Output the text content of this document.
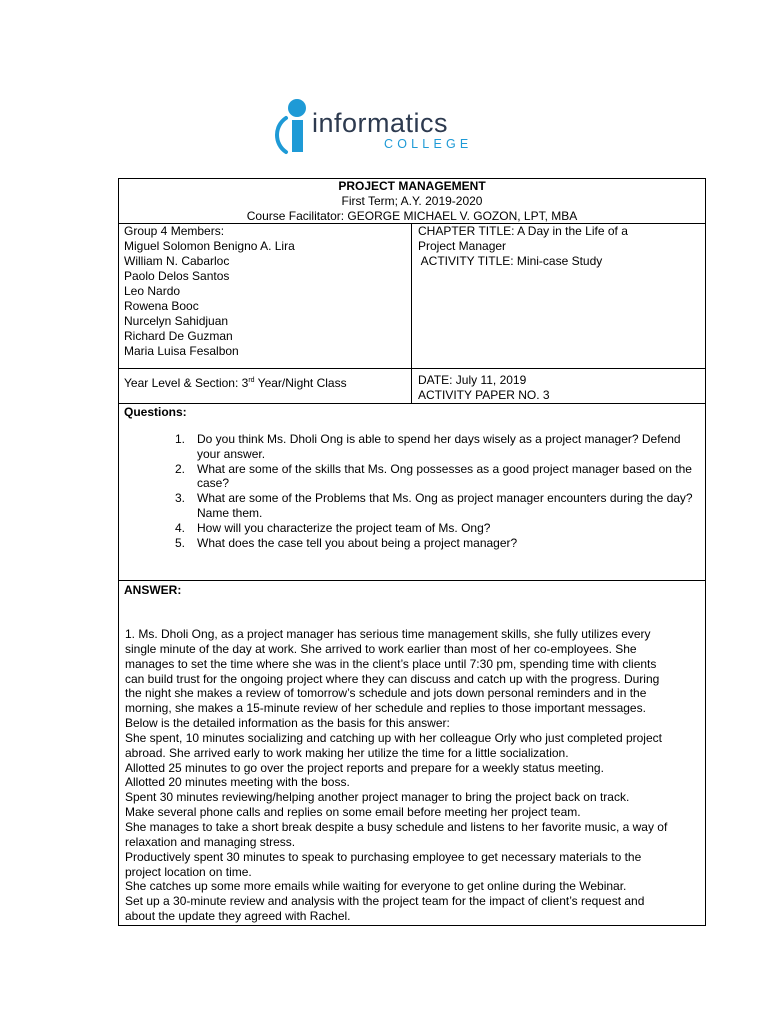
informatics
COLLEGE
PROJECT MANAGEMENT
First Term; A.Y. 2019-2020
Course Facilitator: GEORGE MICHAEL V. GOZON, LPT, MBA
Group 4 Members:
Miguel Solomon Benigno A. Lira
William N. Cabarloc
Paolo Delos Santos
Leo Nardo
Rowena Booc
Nurcelyn Sahidjuan
Richard De Guzman
Maria Luisa Fesalbon
CHAPTER TITLE: A Day in the Life of a
Project Manager
ACTIVITY TITLE: Mini-case Study
Year Level & Section: 3rd Year/Night Class	DATE: July 11, 2019
ACTIVITY PAPER NO. 3
Questions:
1. Do you think Ms. Dholi Ong is able to spend her days wisely as a project manager? Defend
your answer.
2. What are some of the skills that Ms. Ong possesses as a good project manager based on the
case?
3. What are some of the Problems that Ms. Ong as project manager encounters during the day?
Name them.
4. How will you characterize the project team of Ms. Ong?
5. What does the case tell you about being a project manager?
ANSWER:
1. Ms. Dholi Ong, as a project manager has serious time management skills, she fully utilizes every
single minute of the day at work. She arrived to work earlier than most of her co-employees. She
manages to set the time where she was in the client’s place until 7:30 pm, spending time with clients
can build trust for the ongoing project where they can discuss and catch up with the progress. During
the night she makes a review of tomorrow’s schedule and jots down personal reminders and in the
morning, she makes a 15-minute review of her schedule and replies to those important messages.
Below is the detailed information as the basis for this answer:
She spent, 10 minutes socializing and catching up with her colleague Orly who just completed project
abroad. She arrived early to work making her utilize the time for a little socialization.
Allotted 25 minutes to go over the project reports and prepare for a weekly status meeting.
Allotted 20 minutes meeting with the boss.
Spent 30 minutes reviewing/helping another project manager to bring the project back on track.
Make several phone calls and replies on some email before meeting her project team.
She manages to take a short break despite a busy schedule and listens to her favorite music, a way of
relaxation and managing stress.
Productively spent 30 minutes to speak to purchasing employee to get necessary materials to the
project location on time.
She catches up some more emails while waiting for everyone to get online during the Webinar.
Set up a 30-minute review and analysis with the project team for the impact of client’s request and
about the update they agreed with Rachel.
